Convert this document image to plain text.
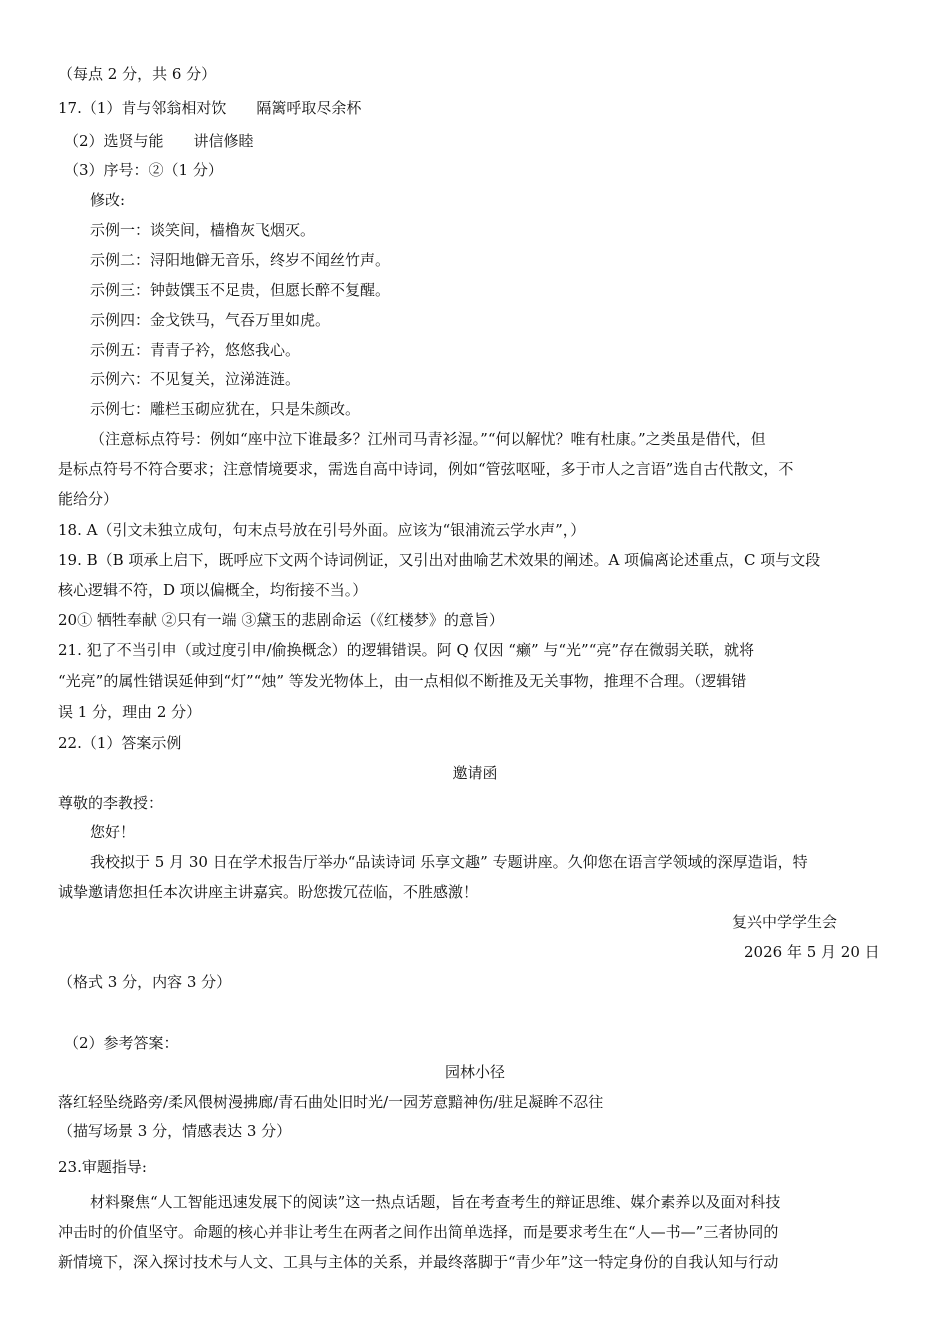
（每点 2 分，共 6 分）
17.（1）肯与邻翁相对饮　　隔篱呼取尽余杯
（2）选贤与能　　讲信修睦
（3）序号：②（1 分）
修改:
示例一：谈笑间，樯橹灰飞烟灭。
示例二：浔阳地僻无音乐，终岁不闻丝竹声。
示例三：钟鼓馔玉不足贵，但愿长醉不复醒。
示例四：金戈铁马，气吞万里如虎。
示例五：青青子衿，悠悠我心。
示例六：不见复关，泣涕涟涟。
示例七：雕栏玉砌应犹在，只是朱颜改。
（注意标点符号：例如“座中泣下谁最多？江州司马青衫湿。”“何以解忧？唯有杜康。”之类虽是借代，但
是标点符号不符合要求；注意情境要求，需选自高中诗词，例如“管弦呕哑，多于市人之言语”选自古代散文，不
能给分）
18. A（引文未独立成句，句末点号放在引号外面。应该为“银浦流云学水声”，）
19. B（B 项承上启下，既呼应下文两个诗词例证，又引出对曲喻艺术效果的阐述。A 项偏离论述重点，C 项与文段
核心逻辑不符，D 项以偏概全，均衔接不当。）
20① 牺牲奉献 ②只有一端 ③黛玉的悲剧命运（《红楼梦》的意旨）
21. 犯了不当引申（或过度引申/偷换概念）的逻辑错误。阿 Q 仅因 “癞” 与“光”“亮”存在微弱关联，就将
“光亮”的属性错误延伸到“灯”“烛” 等发光物体上，由一点相似不断推及无关事物，推理不合理。（逻辑错
误 1 分，理由 2 分）
22.（1）答案示例
邀请函
尊敬的李教授：
您好！
我校拟于 5 月 30 日在学术报告厅举办“品读诗词 乐享文趣” 专题讲座。久仰您在语言学领域的深厚造诣，特
诚挚邀请您担任本次讲座主讲嘉宾。盼您拨冗莅临，不胜感激！
复兴中学学生会
2026 年 5 月 20 日
（格式 3 分，内容 3 分）
（2）参考答案：
园林小径
落红轻坠绕路旁/柔风偎树漫拂廊/青石曲处旧时光/一园芳意黯神伤/驻足凝眸不忍往
（描写场景 3 分，情感表达 3 分）
23.审题指导:
材料聚焦“人工智能迅速发展下的阅读”这一热点话题，旨在考查考生的辩证思维、媒介素养以及面对科技
冲击时的价值坚守。命题的核心并非让考生在两者之间作出简单选择，而是要求考生在“人—书—”三者协同的
新情境下，深入探讨技术与人文、工具与主体的关系，并最终落脚于“青少年”这一特定身份的自我认知与行动
